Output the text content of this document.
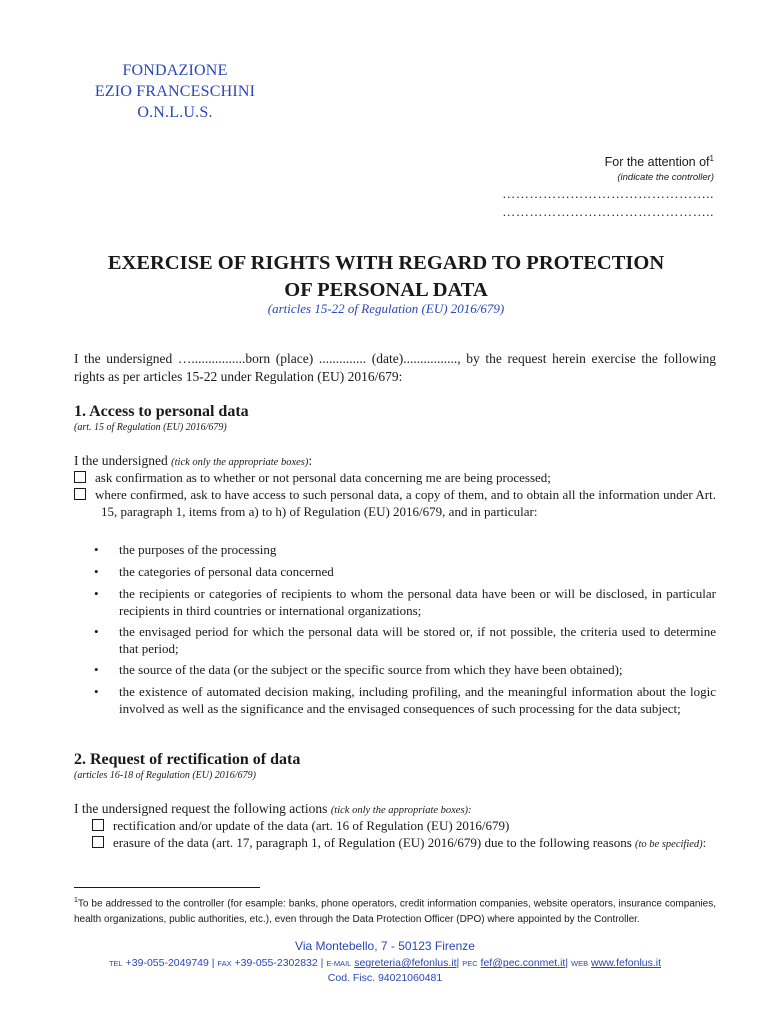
FONDAZIONE
EZIO FRANCESCHINI
O.N.L.U.S.
For the attention $of^1$
(indicate the controller)
………………………………………..
………………………………………..
EXERCISE OF RIGHTS WITH REGARD TO PROTECTION
OF PERSONAL DATA
(articles 15-22 of Regulation (EU) 2016/679)
I the undersigned …................born (place) .............. (date)................, by the request herein exercise the following rights as per articles 15-22 under Regulation (EU) 2016/679:
1. Access to personal data
(art. 15 of Regulation (EU) 2016/679)
I the undersigned (tick only the appropriate boxes):
ask confirmation as to whether or not personal data concerning me are being processed;
where confirmed, ask to have access to such personal data, a copy of them, and to obtain all the information under Art. 15, paragraph 1, items from a) to h) of Regulation (EU) 2016/679, and in particular:
• the purposes of the processing
• the categories of personal data concerned
• the recipients or categories of recipients to whom the personal data have been or will be disclosed, in particular recipients in third countries or international organizations;
• the envisaged period for which the personal data will be stored or, if not possible, the criteria used to determine that period;
• the source of the data (or the subject or the specific source from which they have been obtained);
• the existence of automated decision making, including profiling, and the meaningful information about the logic involved as well as the significance and the envisaged consequences of such processing for the data subject;
2. Request of rectification of data
(articles 16-18 of Regulation (EU) 2016/679)
I the undersigned request the following actions (tick only the appropriate boxes):
rectification and/or update of the data (art. 16 of Regulation (EU) 2016/679)
erasure of the data (art. 17, paragraph 1, of Regulation (EU) 2016/679) due to the following reasons (to be specified):
$^1$To be addressed to the controller (for esample: banks, phone operators, credit information companies, website operators, insurance companies, health organizations, public authorities, etc.), even through the Data Protection Officer (DPO) where appointed by the Controller.
Via Montebello, 7 - 50123 Firenze
TEL +39-055-2049749 | FAX +39-055-2302832 | E-MAIL segreteria@fefonlus.it| PEC fef@pec.conmet.it| WEB www.fefonlus.it
Cod. Fisc. 94021060481
